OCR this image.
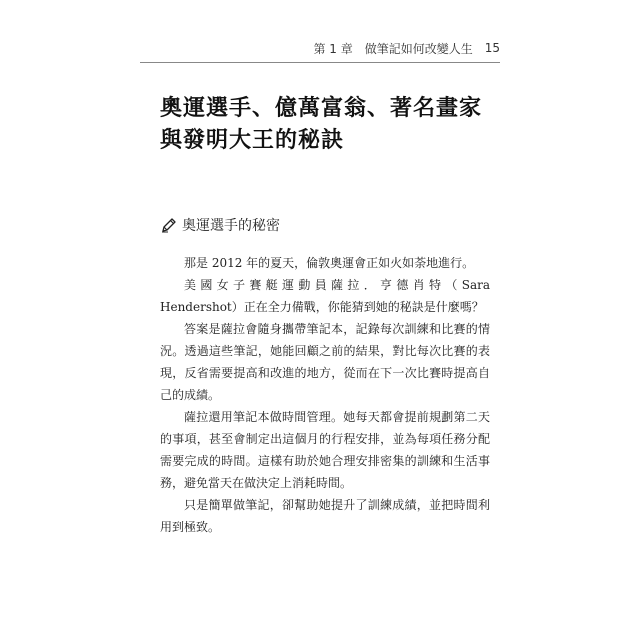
第 1 章 做筆記如何改變人生 15
奧運選手、億萬富翁、著名畫家與發明大王的秘訣
奧運選手的秘密

那是 2012 年的夏天，倫敦奧運會正如火如荼地進行。

美國女子賽艇運動員薩拉．亨德肖特（Sara Hendershot）正在全力備戰，你能猜到她的秘訣是什麼嗎？

答案是薩拉會隨身攜帶筆記本，記錄每次訓練和比賽的情況。透過這些筆記，她能回顧之前的結果，對比每次比賽的表現，反省需要提高和改進的地方，從而在下一次比賽時提高自己的成績。

薩拉還用筆記本做時間管理。她每天都會提前規劃第二天的事項，甚至會制定出這個月的行程安排，並為每項任務分配需要完成的時間。這樣有助於她合理安排密集的訓練和生活事務，避免當天在做決定上消耗時間。

只是簡單做筆記，卻幫助她提升了訓練成績，並把時間利用到極致。
